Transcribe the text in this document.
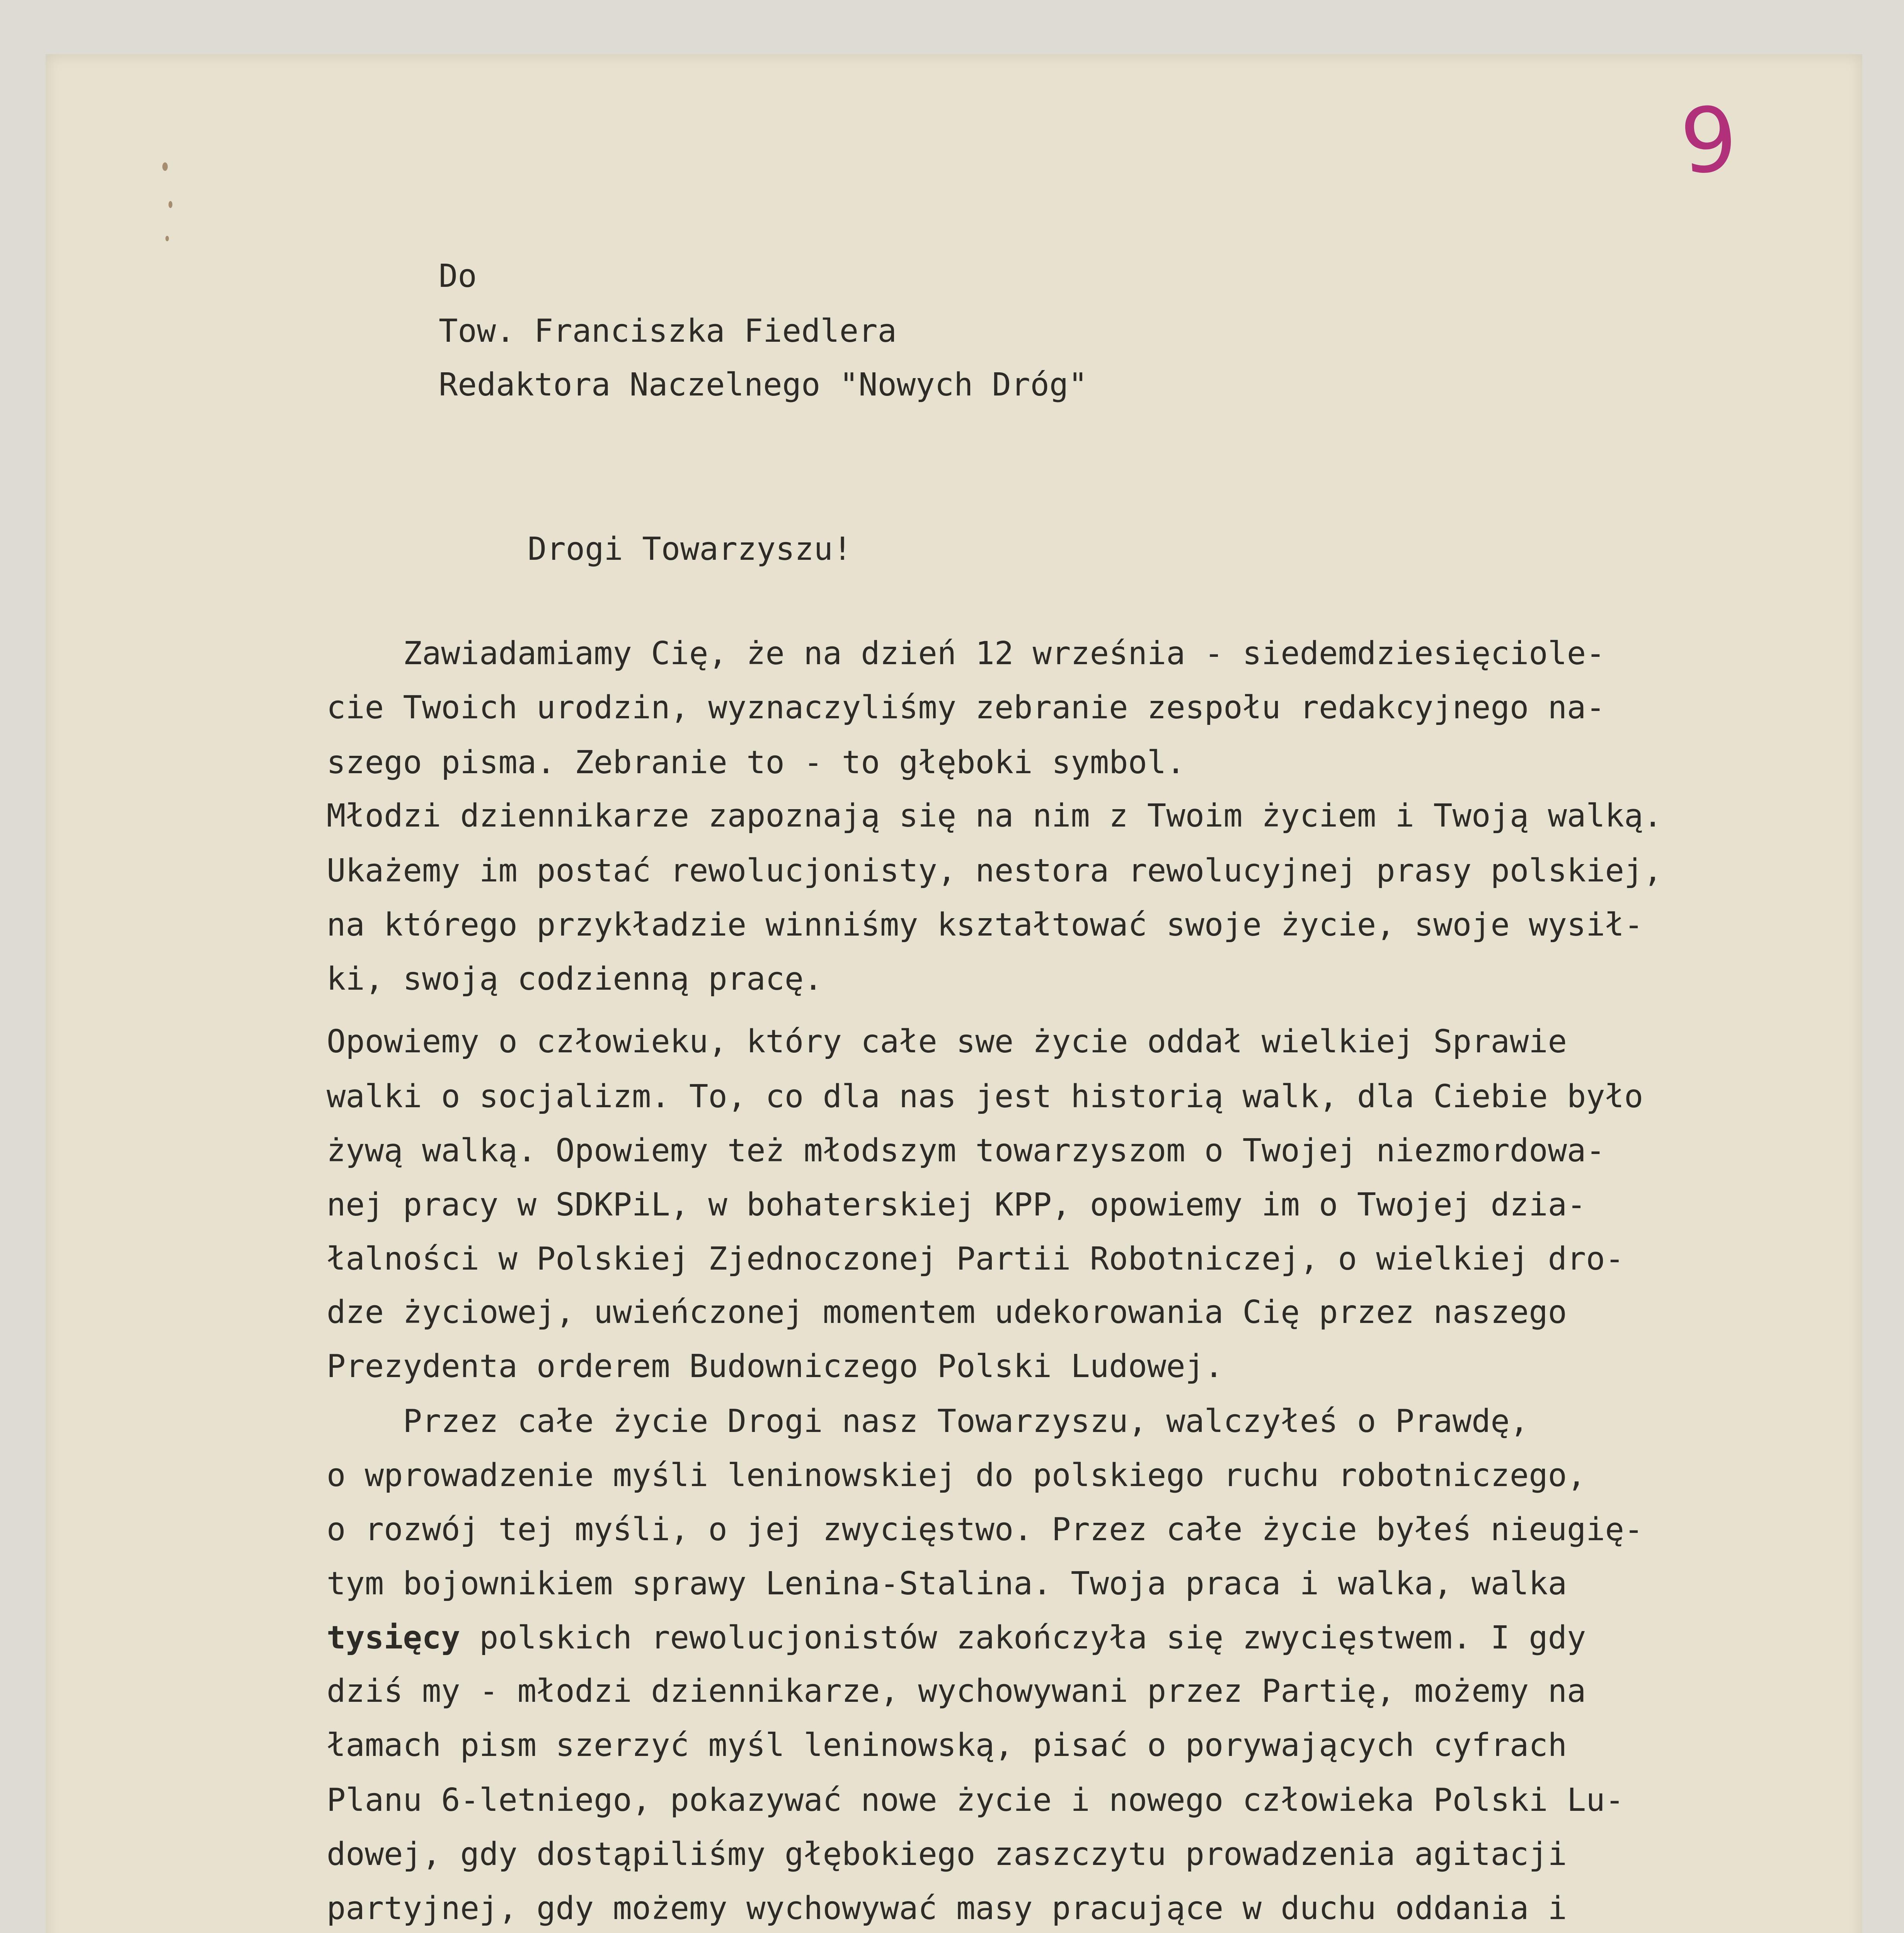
9
Do
Tow. Franciszka Fiedlera
Redaktora Naczelnego "Nowych Dróg"
Drogi Towarzyszu!
Zawiadamiamy Cię, że na dzień 12 września - siedemdziesięciole-
cie Twoich urodzin, wyznaczyliśmy zebranie zespołu redakcyjnego na-
szego pisma. Zebranie to - to głęboki symbol.
Młodzi dziennikarze zapoznają się na nim z Twoim życiem i Twoją walką.
Ukażemy im postać rewolucjonisty, nestora rewolucyjnej prasy polskiej,
na którego przykładzie winniśmy kształtować swoje życie, swoje wysił-
ki, swoją codzienną pracę.
Opowiemy o człowieku, który całe swe życie oddał wielkiej Sprawie
walki o socjalizm. To, co dla nas jest historią walk, dla Ciebie było
żywą walką. Opowiemy też młodszym towarzyszom o Twojej niezmordowa-
nej pracy w SDKPiL, w bohaterskiej KPP, opowiemy im o Twojej dzia-
łalności w Polskiej Zjednoczonej Partii Robotniczej, o wielkiej dro-
dze życiowej, uwieńczonej momentem udekorowania Cię przez naszego
Prezydenta orderem Budowniczego Polski Ludowej.
Przez całe życie Drogi nasz Towarzyszu, walczyłeś o Prawdę,
o wprowadzenie myśli leninowskiej do polskiego ruchu robotniczego,
o rozwój tej myśli, o jej zwycięstwo. Przez całe życie byłeś nieugię-
tym bojownikiem sprawy Lenina-Stalina. Twoja praca i walka, walka
tysięcy polskich rewolucjonistów zakończyła się zwycięstwem. I gdy
dziś my - młodzi dziennikarze, wychowywani przez Partię, możemy na
łamach pism szerzyć myśl leninowską, pisać o porywających cyfrach
Planu 6-letniego, pokazywać nowe życie i nowego człowieka Polski Lu-
dowej, gdy dostąpiliśmy głębokiego zaszczytu prowadzenia agitacji
partyjnej, gdy możemy wychowywać masy pracujące w duchu oddania i
